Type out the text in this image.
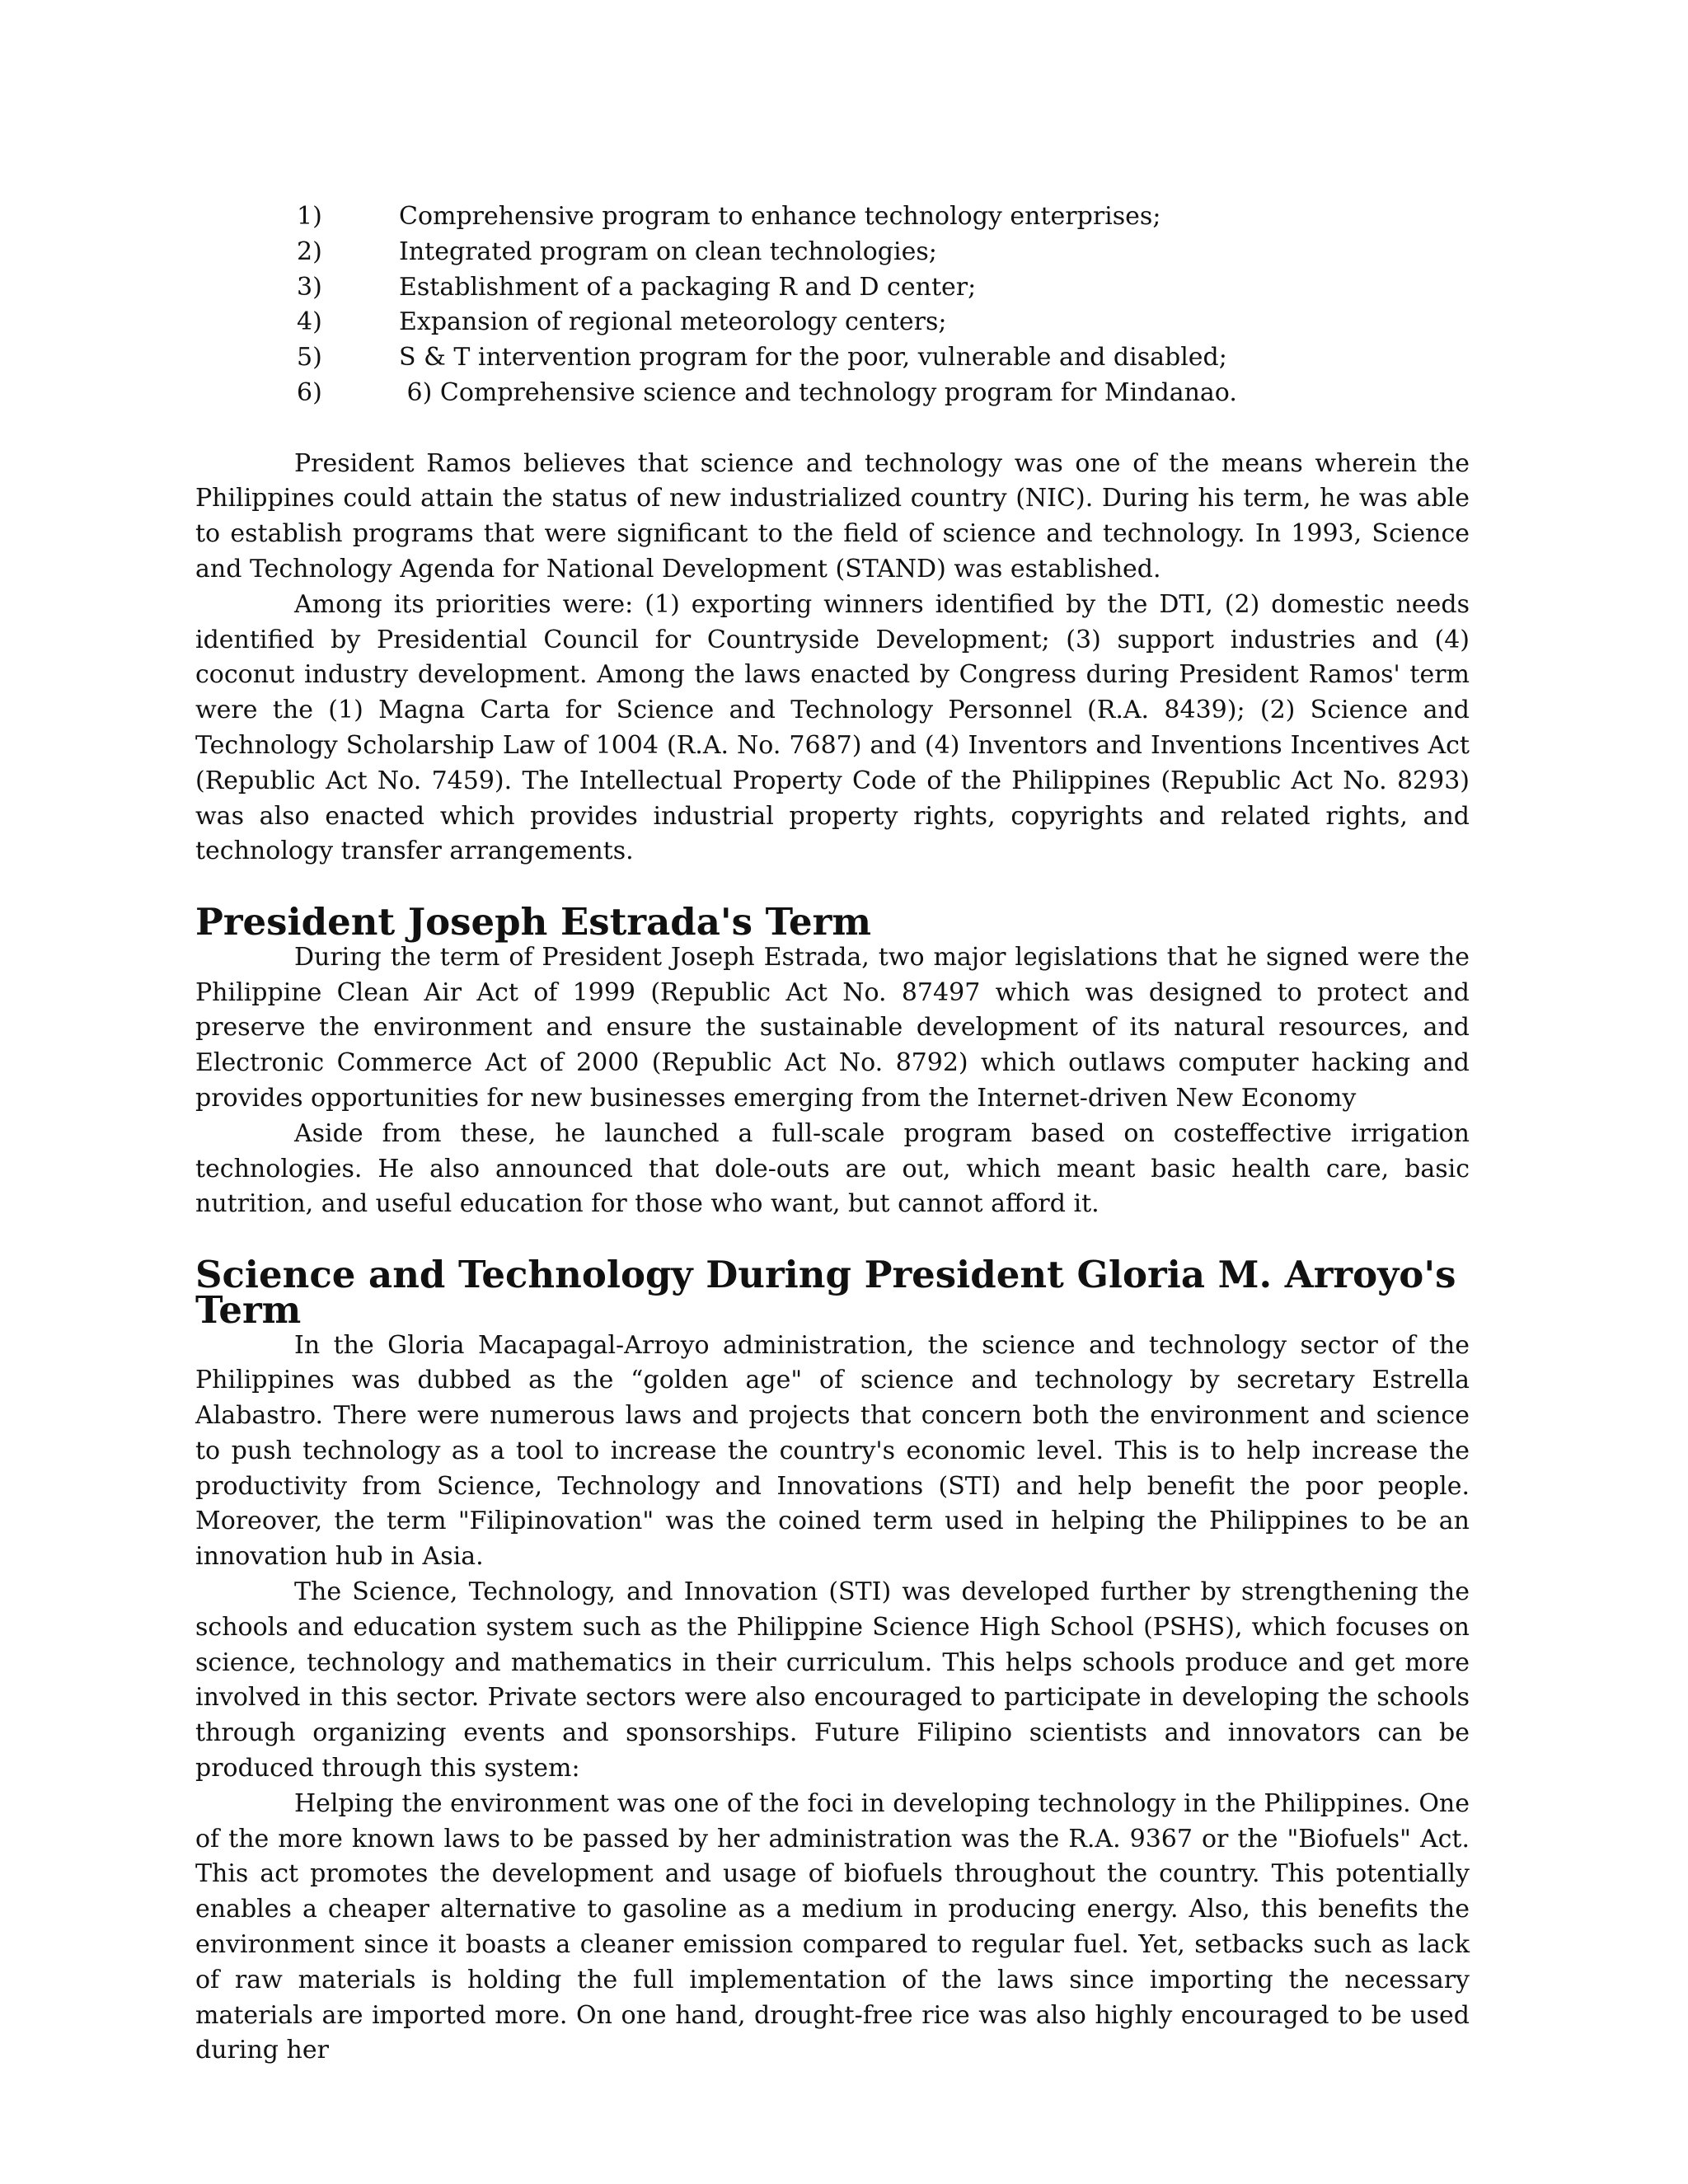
1)	Comprehensive program to enhance technology enterprises;
2)	Integrated program on clean technologies;
3)	Establishment of a packaging R and D center;
4)	Expansion of regional meteorology centers;
5)	S & T intervention program for the poor, vulnerable and disabled;
6)	6) Comprehensive science and technology program for Mindanao.

President Ramos believes that science and technology was one of the means wherein the Philippines could attain the status of new industrialized country (NIC). During his term, he was able to establish programs that were significant to the field of science and technology. In 1993, Science and Technology Agenda for National Development (STAND) was established.

Among its priorities were: (1) exporting winners identified by the DTI, (2) domestic needs identified by Presidential Council for Countryside Development; (3) support industries and (4) coconut industry development. Among the laws enacted by Congress during President Ramos' term were the (1) Magna Carta for Science and Technology Personnel (R.A. 8439); (2) Science and Technology Scholarship Law of 1004 (R.A. No. 7687) and (4) Inventors and Inventions Incentives Act (Republic Act No. 7459). The Intellectual Property Code of the Philippines (Republic Act No. 8293) was also enacted which provides industrial property rights, copyrights and related rights, and technology transfer arrangements.

President Joseph Estrada's Term

During the term of President Joseph Estrada, two major legislations that he signed were the Philippine Clean Air Act of 1999 (Republic Act No. 87497 which was designed to protect and preserve the environment and ensure the sustainable development of its natural resources, and Electronic Commerce Act of 2000 (Republic Act No. 8792) which outlaws computer hacking and provides opportunities for new businesses emerging from the Internet-driven New Economy

Aside from these, he launched a full-scale program based on costeffective irrigation technologies. He also announced that dole-outs are out, which meant basic health care, basic nutrition, and useful education for those who want, but cannot afford it.

Science and Technology During President Gloria M. Arroyo's Term

In the Gloria Macapagal-Arroyo administration, the science and technology sector of the Philippines was dubbed as the “golden age" of science and technology by secretary Estrella Alabastro. There were numerous laws and projects that concern both the environment and science to push technology as a tool to increase the country's economic level. This is to help increase the productivity from Science, Technology and Innovations (STI) and help benefit the poor people. Moreover, the term "Filipinovation" was the coined term used in helping the Philippines to be an innovation hub in Asia.

The Science, Technology, and Innovation (STI) was developed further by strengthening the schools and education system such as the Philippine Science High School (PSHS), which focuses on science, technology and mathematics in their curriculum. This helps schools produce and get more involved in this sector. Private sectors were also encouraged to participate in developing the schools through organizing events and sponsorships. Future Filipino scientists and innovators can be produced through this system:

Helping the environment was one of the foci in developing technology in the Philippines. One of the more known laws to be passed by her administration was the R.A. 9367 or the "Biofuels" Act. This act promotes the development and usage of biofuels throughout the country. This potentially enables a cheaper alternative to gasoline as a medium in producing energy. Also, this benefits the environment since it boasts a cleaner emission compared to regular fuel. Yet, setbacks such as lack of raw materials is holding the full implementation of the laws since importing the necessary materials are imported more. On one hand, drought-free rice was also highly encouraged to be used during her
